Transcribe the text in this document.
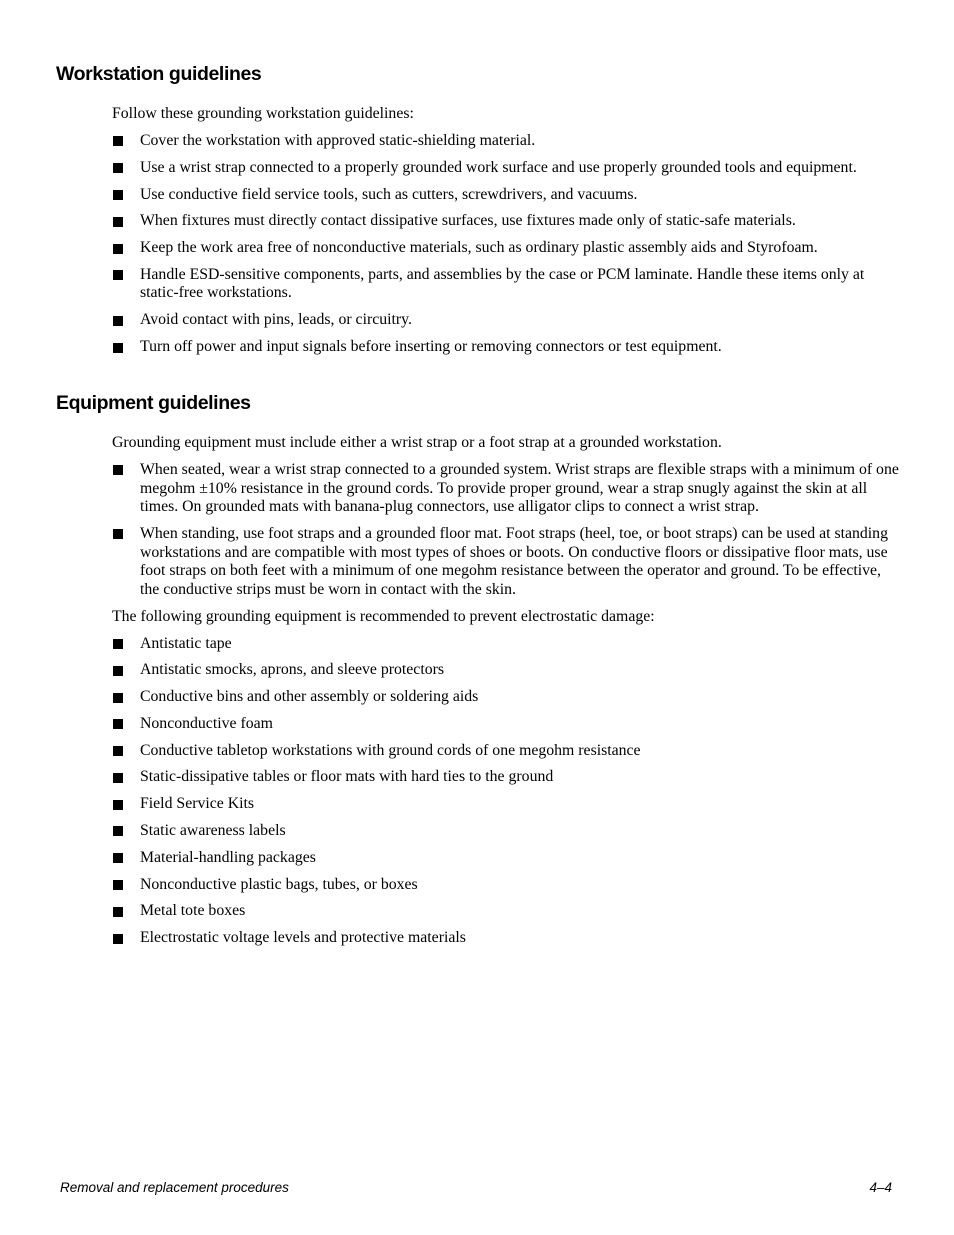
Workstation guidelines

Follow these grounding workstation guidelines:

Cover the workstation with approved static-shielding material.
Use a wrist strap connected to a properly grounded work surface and use properly grounded tools and equipment.
Use conductive field service tools, such as cutters, screwdrivers, and vacuums.
When fixtures must directly contact dissipative surfaces, use fixtures made only of static-safe materials.
Keep the work area free of nonconductive materials, such as ordinary plastic assembly aids and Styrofoam.
Handle ESD-sensitive components, parts, and assemblies by the case or PCM laminate. Handle these items only at static-free workstations.
Avoid contact with pins, leads, or circuitry.
Turn off power and input signals before inserting or removing connectors or test equipment.
Equipment guidelines

Grounding equipment must include either a wrist strap or a foot strap at a grounded workstation.

When seated, wear a wrist strap connected to a grounded system. Wrist straps are flexible straps with a minimum of one megohm ±10% resistance in the ground cords. To provide proper ground, wear a strap snugly against the skin at all times. On grounded mats with banana-plug connectors, use alligator clips to connect a wrist strap.
When standing, use foot straps and a grounded floor mat. Foot straps (heel, toe, or boot straps) can be used at standing workstations and are compatible with most types of shoes or boots. On conductive floors or dissipative floor mats, use foot straps on both feet with a minimum of one megohm resistance between the operator and ground. To be effective, the conductive strips must be worn in contact with the skin.

The following grounding equipment is recommended to prevent electrostatic damage:

Antistatic tape
Antistatic smocks, aprons, and sleeve protectors
Conductive bins and other assembly or soldering aids
Nonconductive foam
Conductive tabletop workstations with ground cords of one megohm resistance
Static-dissipative tables or floor mats with hard ties to the ground
Field Service Kits
Static awareness labels
Material-handling packages
Nonconductive plastic bags, tubes, or boxes
Metal tote boxes
Electrostatic voltage levels and protective materials
Removal and replacement procedures	4–4
